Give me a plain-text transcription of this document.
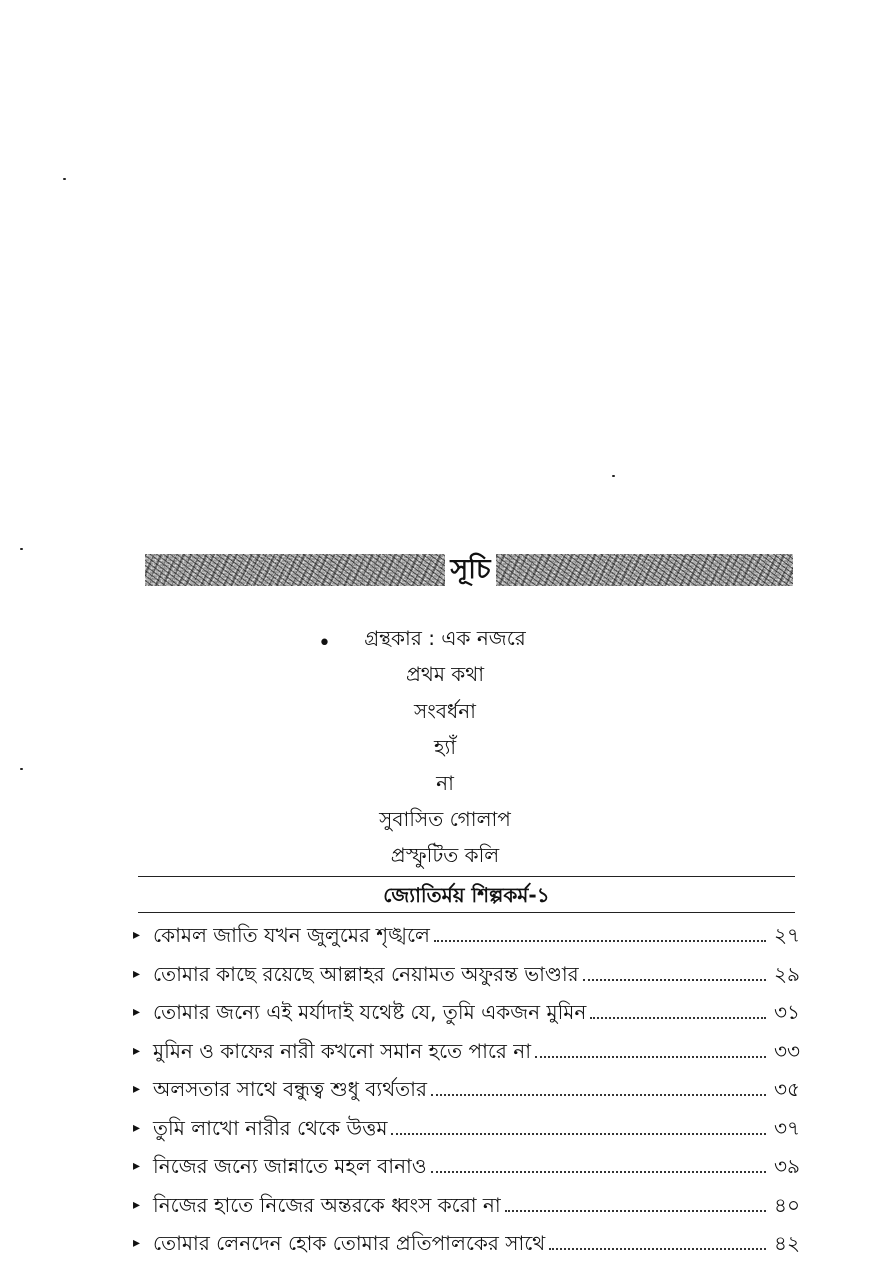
সূচি
•	গ্রন্থকার : এক নজরে
প্রথম কথা
সংবর্ধনা
হ্যাঁ
না
সুবাসিত গোলাপ
প্রস্ফুটিত কলি
জ্যোতির্ময় শিল্পকর্ম-১
▸ কোমল জাতি যখন জুলুমের শৃঙ্খলে	২৭
▸ তোমার কাছে রয়েছে আল্লাহর নেয়ামত অফুরন্ত ভাণ্ডার	২৯
▸ তোমার জন্যে এই মর্যাদাই যথেষ্ট যে, তুমি একজন মুমিন	৩১
▸ মুমিন ও কাফের নারী কখনো সমান হতে পারে না	৩৩
▸ অলসতার সাথে বন্ধুত্ব শুধু ব্যর্থতার	৩৫
▸ তুমি লাখো নারীর থেকে উত্তম	৩৭
▸ নিজের জন্যে জান্নাতে মহল বানাও	৩৯
▸ নিজের হাতে নিজের অন্তরকে ধ্বংস করো না	৪০
▸ তোমার লেনদেন হোক তোমার প্রতিপালকের সাথে	৪২
